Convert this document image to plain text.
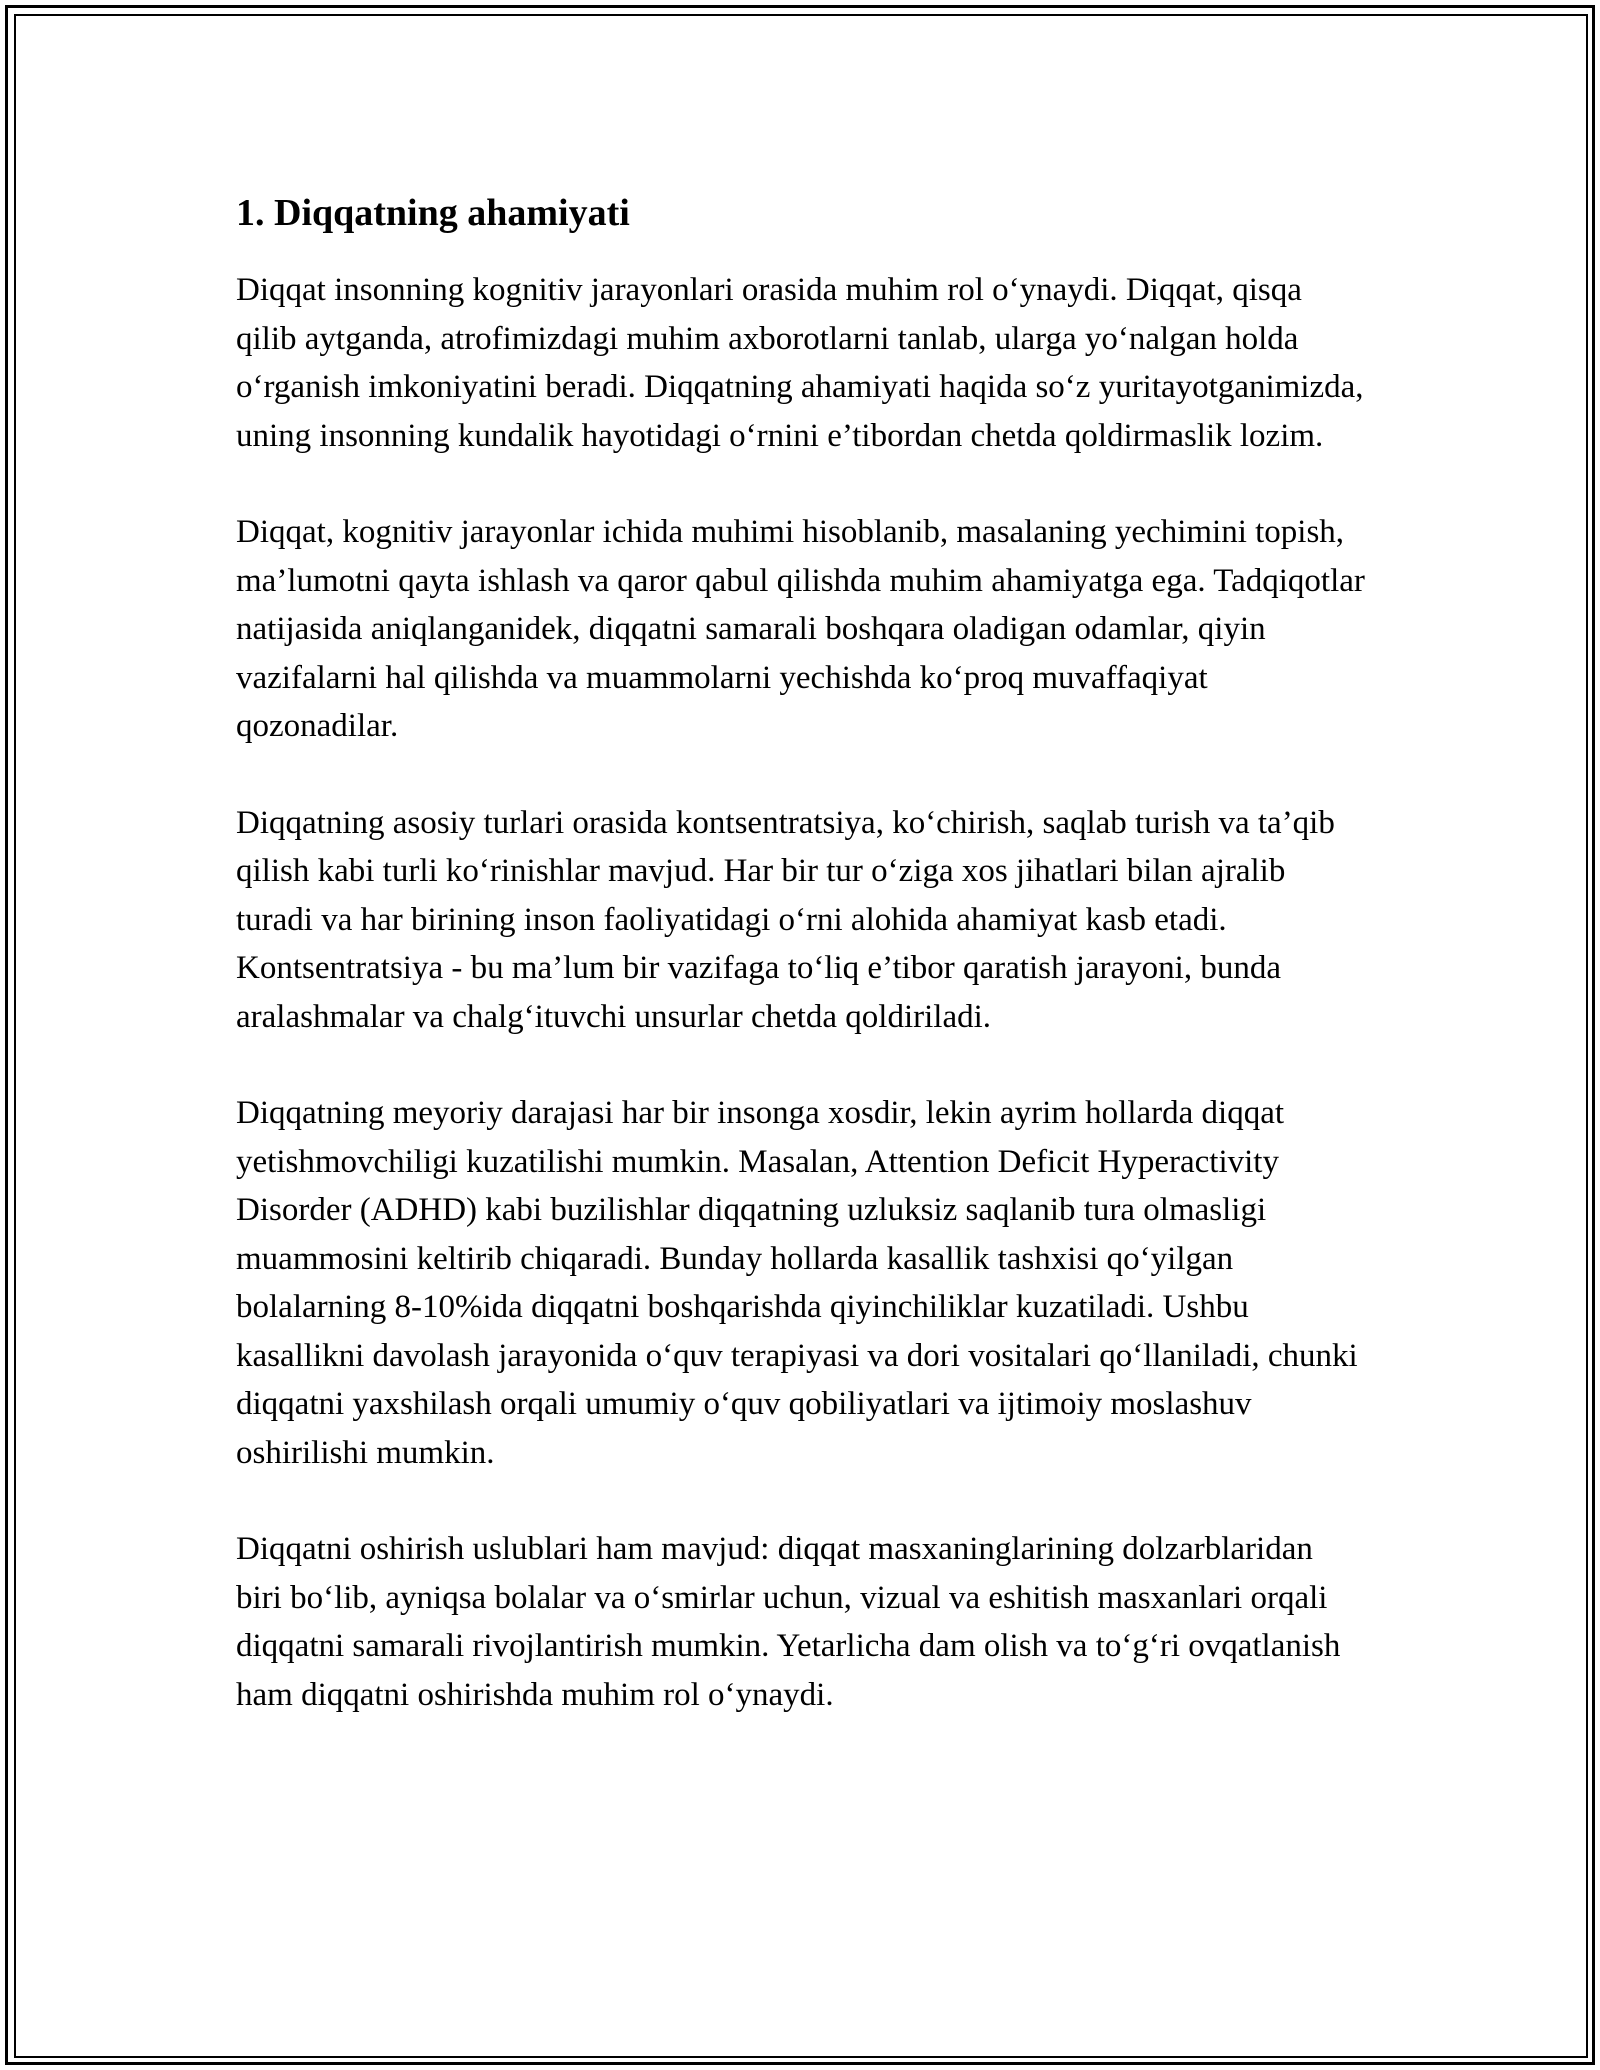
1. Diqqatning ahamiyati

Diqqat insonning kognitiv jarayonlari orasida muhim rol o‘ynaydi. Diqqat, qisqa qilib aytganda, atrofimizdagi muhim axborotlarni tanlab, ularga yo‘nalgan holda o‘rganish imkoniyatini beradi. Diqqatning ahamiyati haqida so‘z yuritayotganimizda, uning insonning kundalik hayotidagi o‘rnini e’tibordan chetda qoldirmaslik lozim.

Diqqat, kognitiv jarayonlar ichida muhimi hisoblanib, masalaning yechimini topish, ma’lumotni qayta ishlash va qaror qabul qilishda muhim ahamiyatga ega. Tadqiqotlar natijasida aniqlanganidek, diqqatni samarali boshqara oladigan odamlar, qiyin vazifalarni hal qilishda va muammolarni yechishda ko‘proq muvaffaqiyat qozonadilar.

Diqqatning asosiy turlari orasida kontsentratsiya, ko‘chirish, saqlab turish va ta’qib qilish kabi turli ko‘rinishlar mavjud. Har bir tur o‘ziga xos jihatlari bilan ajralib turadi va har birining inson faoliyatidagi o‘rni alohida ahamiyat kasb etadi. Kontsentratsiya - bu ma’lum bir vazifaga to‘liq e’tibor qaratish jarayoni, bunda aralashmalar va chalg‘ituvchi unsurlar chetda qoldiriladi.

Diqqatning meyoriy darajasi har bir insonga xosdir, lekin ayrim hollarda diqqat yetishmovchiligi kuzatilishi mumkin. Masalan, Attention Deficit Hyperactivity Disorder (ADHD) kabi buzilishlar diqqatning uzluksiz saqlanib tura olmasligi muammosini keltirib chiqaradi. Bunday hollarda kasallik tashxisi qo‘yilgan bolalarning 8-10%ida diqqatni boshqarishda qiyinchiliklar kuzatiladi. Ushbu kasallikni davolash jarayonida o‘quv terapiyasi va dori vositalari qo‘llaniladi, chunki diqqatni yaxshilash orqali umumiy o‘quv qobiliyatlari va ijtimoiy moslashuv oshirilishi mumkin.

Diqqatni oshirish uslublari ham mavjud: diqqat masxaninglarining dolzarblaridan biri bo‘lib, ayniqsa bolalar va o‘smirlar uchun, vizual va eshitish masxanlari orqali diqqatni samarali rivojlantirish mumkin. Yetarlicha dam olish va to‘g‘ri ovqatlanish ham diqqatni oshirishda muhim rol o‘ynaydi.
